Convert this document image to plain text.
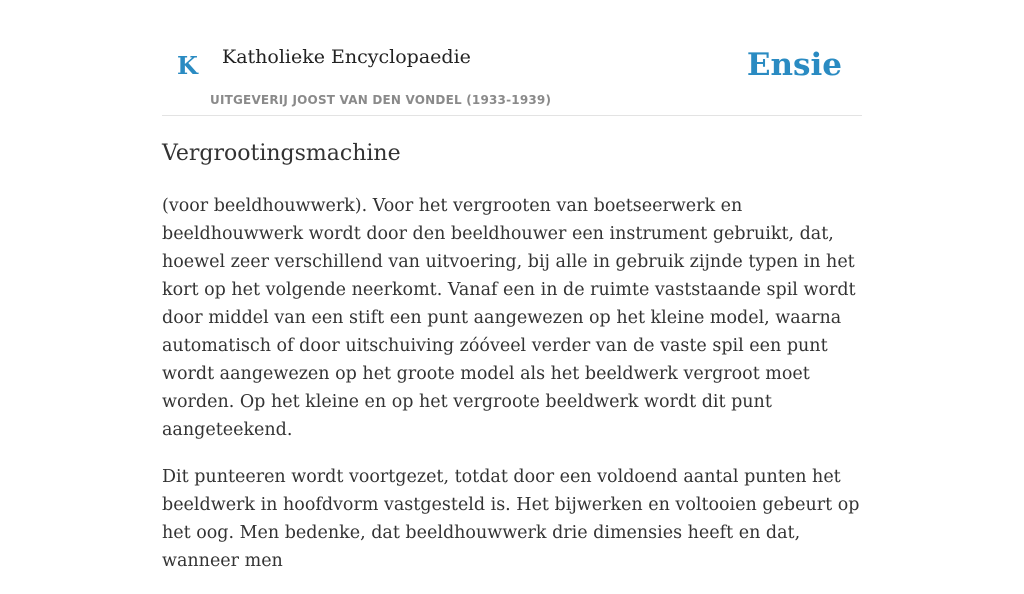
K Katholieke Encyclopaedie
UITGEVERIJ JOOST VAN DEN VONDEL (1933-1939)
Ensie
Vergrootingsmachine

(voor beeldhouwwerk). Voor het vergrooten van boetseerwerk en beeldhouwwerk wordt door den beeldhouwer een instrument gebruikt, dat, hoewel zeer verschillend van uitvoering, bij alle in gebruik zijnde typen in het kort op het volgende neerkomt. Vanaf een in de ruimte vaststaande spil wordt door middel van een stift een punt aangewezen op het kleine model, waarna automatisch of door uitschuiving zóóveel verder van de vaste spil een punt wordt aangewezen op het groote model als het beeldwerk vergroot moet worden. Op het kleine en op het vergroote beeldwerk wordt dit punt aangeteekend.

Dit punteeren wordt voortgezet, totdat door een voldoend aantal punten het beeldwerk in hoofdvorm vastgesteld is. Het bijwerken en voltooien gebeurt op het oog. Men bedenke, dat beeldhouwwerk drie dimensies heeft en dat, wanneer men
